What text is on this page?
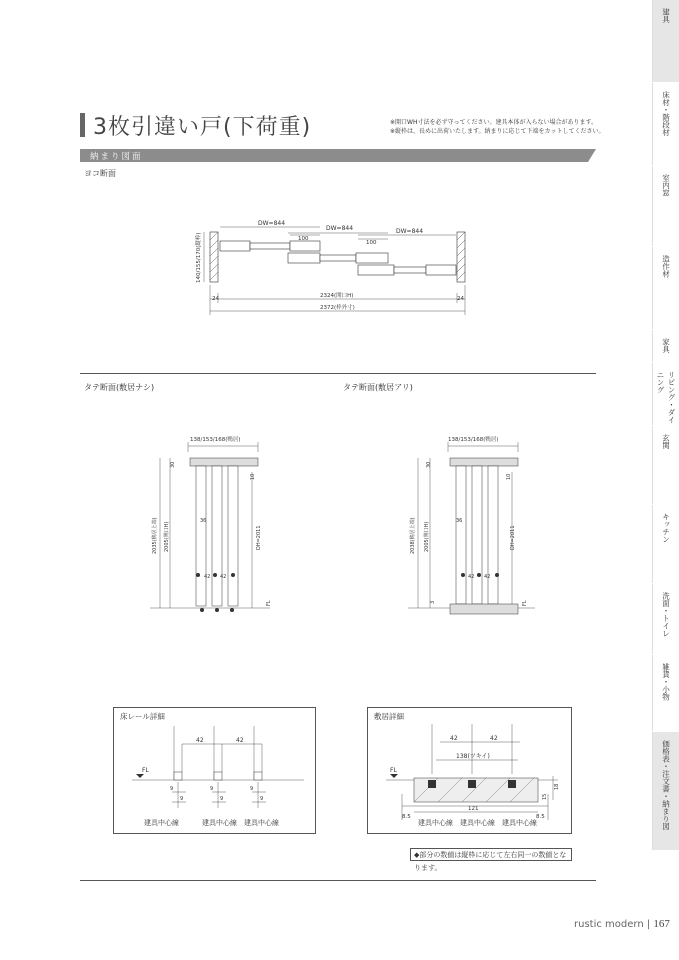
3枚引違い戸(下荷重)	※開口WH寸法を必ず守ってください。建具本体が入らない場合があります。
※縦枠は、長めに出荷いたします。納まりに応じて下端をカットしてください。
納まり図面
ヨコ断面
DW=844
DW=844	DW=844
100
100
140/155/170(縦枠)
24	24
2324(開口H)
2372(枠外寸)
タテ断面(敷居ナシ)	タテ断面(敷居アリ)
138/153/168(鴨居)
30
10
36
42 42
2035(鴨居上端) 2005(開口H)	DH=2011
FL
138/153/168(鴨居)
30
10
36
42 42
2038(鴨居上端) 2005(開口H)	DH=2011
FL
3
床レール詳細
42	42
FL
9
9
9
9
9
9
建具中心線	建具中心線 建具中心線
敷居詳細
42	42
138(ツキイ)
FL
121
8.5	8.5
15
18
建具中心線 建具中心線 建具中心線
◆部分の数値は縦枠に応じて左右同一の数値となります。
rustic modern | 167
建具
床材・階段材
室内窓
造作材
家具
リビング・ダイニング
玄関
キッチン
洗面・トイレ
雑貨・小物
価格表・注文書・納まり図
